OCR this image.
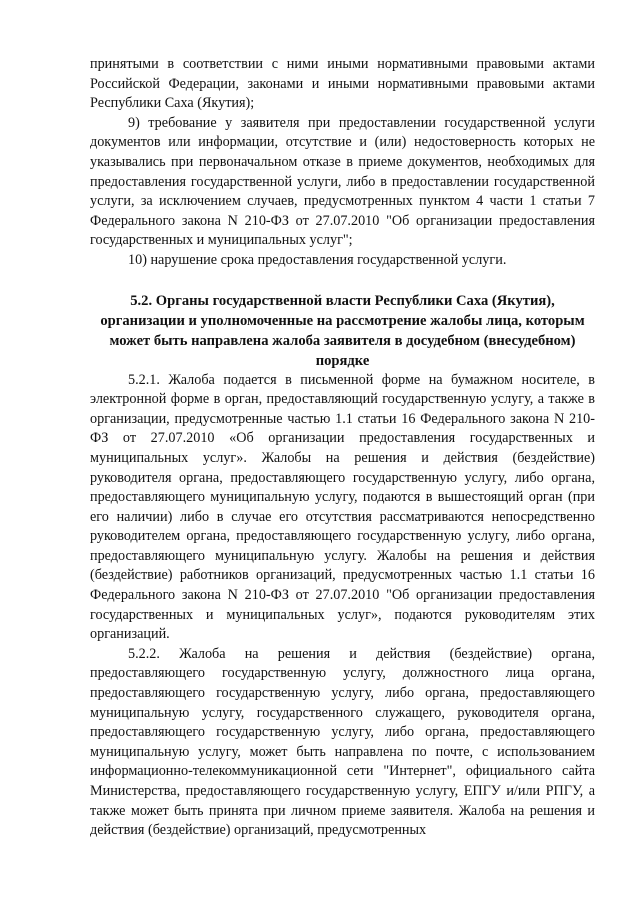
принятыми в соответствии с ними иными нормативными правовыми актами Российской Федерации, законами и иными нормативными правовыми актами Республики Саха (Якутия);

9) требование у заявителя при предоставлении государственной услуги документов или информации, отсутствие и (или) недостоверность которых не указывались при первоначальном отказе в приеме документов, необходимых для предоставления государственной услуги, либо в предоставлении государственной услуги, за исключением случаев, предусмотренных пунктом 4 части 1 статьи 7 Федерального закона N 210-ФЗ от 27.07.2010 "Об организации предоставления государственных и муниципальных услуг";

10) нарушение срока предоставления государственной услуги.

5.2. Органы государственной власти Республики Саха (Якутия), организации и уполномоченные на рассмотрение жалобы лица, которым может быть направлена жалоба заявителя в досудебном (внесудебном) порядке

5.2.1. Жалоба подается в письменной форме на бумажном носителе, в электронной форме в орган, предоставляющий государственную услугу, а также в организации, предусмотренные частью 1.1 статьи 16 Федерального закона N 210-ФЗ от 27.07.2010 «Об организации предоставления государственных и муниципальных услуг». Жалобы на решения и действия (бездействие) руководителя органа, предоставляющего государственную услугу, либо органа, предоставляющего муниципальную услугу, подаются в вышестоящий орган (при его наличии) либо в случае его отсутствия рассматриваются непосредственно руководителем органа, предоставляющего государственную услугу, либо органа, предоставляющего муниципальную услугу. Жалобы на решения и действия (бездействие) работников организаций, предусмотренных частью 1.1 статьи 16 Федерального закона N 210-ФЗ от 27.07.2010 "Об организации предоставления государственных и муниципальных услуг», подаются руководителям этих организаций.

5.2.2. Жалоба на решения и действия (бездействие) органа, предоставляющего государственную услугу, должностного лица органа, предоставляющего государственную услугу, либо органа, предоставляющего муниципальную услугу, государственного служащего, руководителя органа, предоставляющего государственную услугу, либо органа, предоставляющего муниципальную услугу, может быть направлена по почте, с использованием информационно-телекоммуникационной сети "Интернет", официального сайта Министерства, предоставляющего государственную услугу, ЕПГУ и/или РПГУ, а также может быть принята при личном приеме заявителя. Жалоба на решения и действия (бездействие) организаций, предусмотренных
